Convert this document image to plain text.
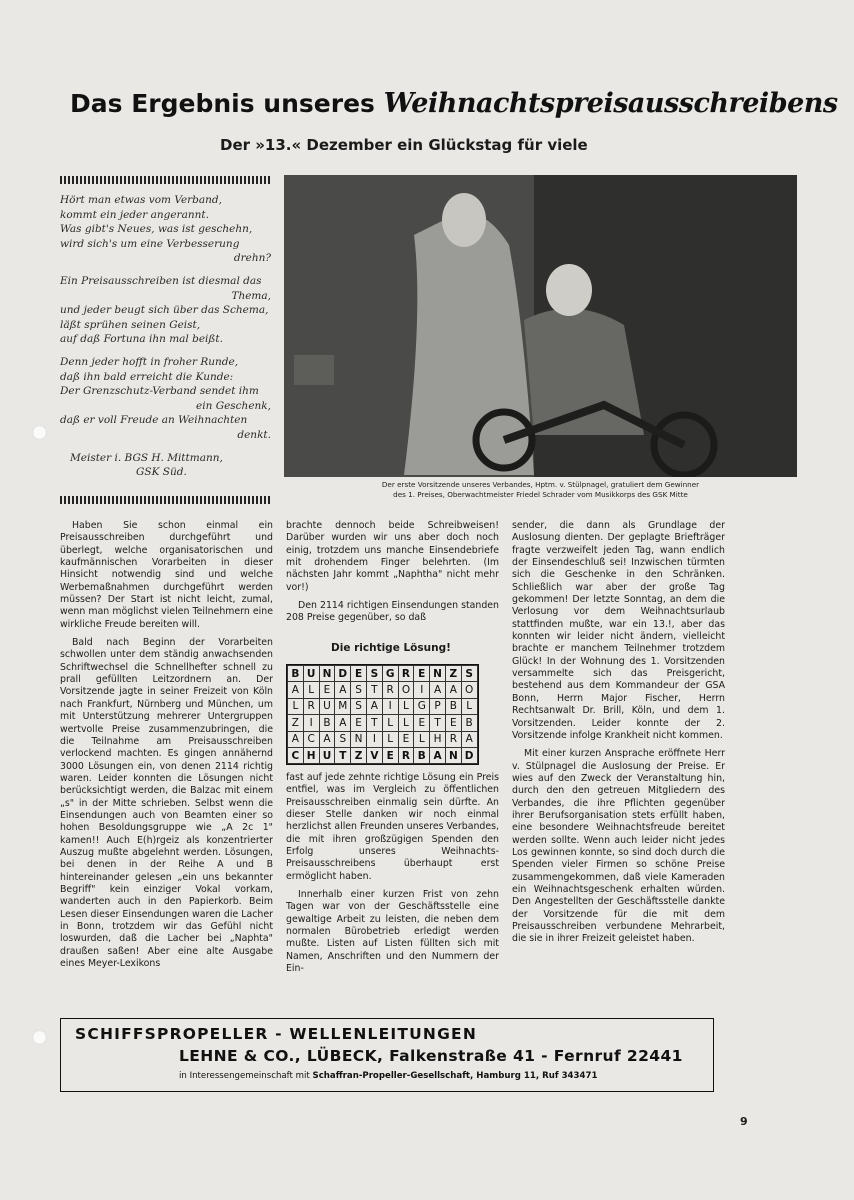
Das Ergebnis unseres Weihnachtspreisausschreibens
Der »13.« Dezember ein Glückstag für viele
Hört man etwas vom Verband,
kommt ein jeder angerannt.
Was gibt's Neues, was ist geschehn,
wird sich's um eine Verbesserung
drehn?
Ein Preisausschreiben ist diesmal das
Thema,
und jeder beugt sich über das Schema,
läßt sprühen seinen Geist,
auf daß Fortuna ihn mal beißt.
Denn jeder hofft in froher Runde,
daß ihn bald erreicht die Kunde:
Der Grenzschutz-Verband sendet ihm
ein Geschenk,
daß er voll Freude an Weihnachten
denkt.
Meister i. BGS H. Mittmann,
GSK Süd.
Der erste Vorsitzende unseres Verbandes, Hptm. v. Stülpnagel, gratuliert dem Gewinner
des 1. Preises, Oberwachtmeister Friedel Schrader vom Musikkorps des GSK Mitte

Haben Sie schon einmal ein Preisausschreiben durchgeführt und überlegt, welche organisatorischen und kaufmännischen Vorarbeiten in dieser Hinsicht notwendig sind und welche Werbemaßnahmen durchgeführt werden müssen? Der Start ist nicht leicht, zumal, wenn man möglichst vielen Teilnehmern eine wirkliche Freude bereiten will.

Bald nach Beginn der Vorarbeiten schwollen unter dem ständig anwachsenden Schriftwechsel die Schnellhefter schnell zu prall gefüllten Leitzordnern an. Der Vorsitzende jagte in seiner Freizeit von Köln nach Frankfurt, Nürnberg und München, um mit Unterstützung mehrerer Untergruppen wertvolle Preise zusammenzubringen, die die Teilnahme am Preisausschreiben verlockend machten. Es gingen annähernd 3000 Lösungen ein, von denen 2114 richtig waren. Leider konnten die Lösungen nicht berücksichtigt werden, die Balzac mit einem „s" in der Mitte schrieben. Selbst wenn die Einsendungen auch von Beamten einer so hohen Besoldungsgruppe wie „A 2c 1" kamen!! Auch E(h)rgeiz als konzentrierter Auszug mußte abgelehnt werden. Lösungen, bei denen in der Reihe A und B hintereinander gelesen „ein uns bekannter Begriff" kein einziger Vokal vorkam, wanderten auch in den Papierkorb. Beim Lesen dieser Einsendungen waren die Lacher in Bonn, trotzdem wir das Gefühl nicht loswurden, daß die Lacher bei „Naphta" draußen saßen! Aber eine alte Ausgabe eines Meyer-Lexikons

brachte dennoch beide Schreibweisen! Darüber wurden wir uns aber doch noch einig, trotzdem uns manche Einsendebriefe mit drohendem Finger belehrten. (Im nächsten Jahr kommt „Naphtha" nicht mehr vor!)

Den 2114 richtigen Einsendungen standen 208 Preise gegenüber, so daß

Die richtige Lösung!
B	U	N	D	E	S	G	R	E	N	Z	S
A	L	E	A	S	T	R	O	I	A	A	O
L	R	U	M	S	A	I	L	G	P	B	L
Z	I	B	A	E	T	L	L	E	T	E	B
A	C	A	S	N	I	L	E	L	H	R	A
C	H	U	T	Z	V	E	R	B	A	N	D

fast auf jede zehnte richtige Lösung ein Preis entfiel, was im Vergleich zu öffentlichen Preisausschreiben einmalig sein dürfte. An dieser Stelle danken wir noch einmal herzlichst allen Freunden unseres Verbandes, die mit ihren großzügigen Spenden den Erfolg unseres Weihnachts-Preisausschreibens überhaupt erst ermöglicht haben.

Innerhalb einer kurzen Frist von zehn Tagen war von der Geschäftsstelle eine gewaltige Arbeit zu leisten, die neben dem normalen Bürobetrieb erledigt werden mußte. Listen auf Listen füllten sich mit Namen, Anschriften und den Nummern der Ein-

sender, die dann als Grundlage der Auslosung dienten. Der geplagte Briefträger fragte verzweifelt jeden Tag, wann endlich der Einsendeschluß sei! Inzwischen türmten sich die Geschenke in den Schränken. Schließlich war aber der große Tag gekommen! Der letzte Sonntag, an dem die Verlosung vor dem Weihnachtsurlaub stattfinden mußte, war ein 13.!, aber das konnten wir leider nicht ändern, vielleicht brachte er manchem Teilnehmer trotzdem Glück! In der Wohnung des 1. Vorsitzenden versammelte sich das Preisgericht, bestehend aus dem Kommandeur der GSA Bonn, Herrn Major Fischer, Herrn Rechtsanwalt Dr. Brill, Köln, und dem 1. Vorsitzenden. Leider konnte der 2. Vorsitzende infolge Krankheit nicht kommen.

Mit einer kurzen Ansprache eröffnete Herr v. Stülpnagel die Auslosung der Preise. Er wies auf den Zweck der Veranstaltung hin, durch den den getreuen Mitgliedern des Verbandes, die ihre Pflichten gegenüber ihrer Berufsorganisation stets erfüllt haben, eine besondere Weihnachtsfreude bereitet werden sollte. Wenn auch leider nicht jedes Los gewinnen konnte, so sind doch durch die Spenden vieler Firmen so schöne Preise zusammengekommen, daß viele Kameraden ein Weihnachtsgeschenk erhalten würden. Den Angestellten der Geschäftsstelle dankte der Vorsitzende für die mit dem Preisausschreiben verbundene Mehrarbeit, die sie in ihrer Freizeit geleistet haben.

SCHIFFSPROPELLER - WELLENLEITUNGEN
LEHNE & CO., LÜBECK, Falkenstraße 41 - Fernruf 22441
in Interessengemeinschaft mit Schaffran-Propeller-Gesellschaft, Hamburg 11, Ruf 343471
9
